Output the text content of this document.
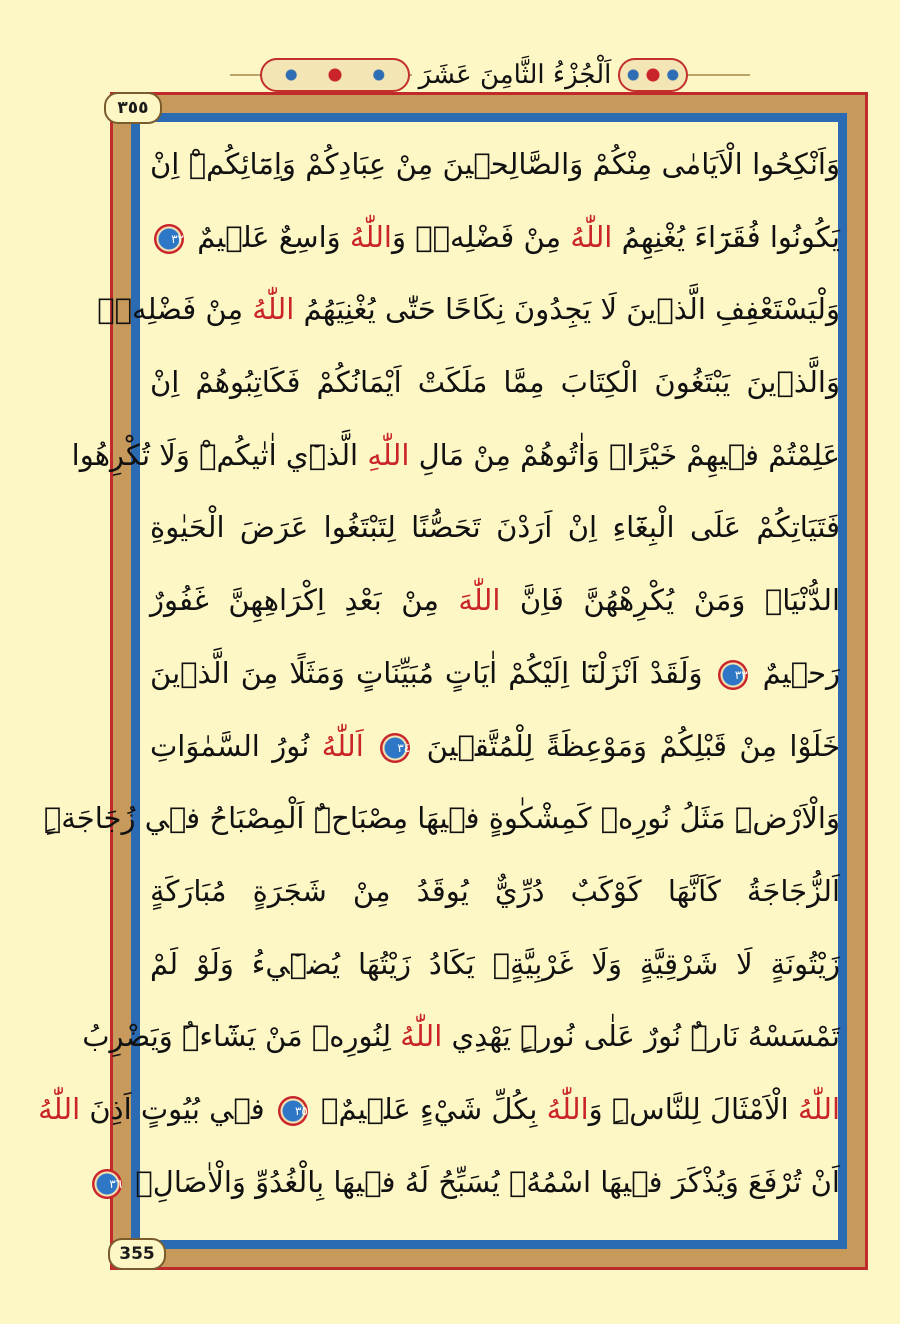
اَلْجُزْءُ الثَّامِنَ عَشَرَ
٣٥٥
355
وَاَنْكِحُوا الْاَيَامٰى مِنْكُمْ وَالصَّالِح۪ينَ مِنْ عِبَادِكُمْ وَاِمَٓائِكُمْۜ اِنْ
يَكُونُوا فُقَرَٓاءَ يُغْنِهِمُ اللّٰهُ مِنْ فَضْلِه۪ۜ وَاللّٰهُ وَاسِعٌ عَل۪يمٌ ٣٢
وَلْيَسْتَعْفِفِ الَّذ۪ينَ لَا يَجِدُونَ نِكَاحًا حَتّٰى يُغْنِيَهُمُ اللّٰهُ مِنْ فَضْلِه۪ۜ
وَالَّذ۪ينَ يَبْتَغُونَ الْكِتَابَ مِمَّا مَلَكَتْ اَيْمَانُكُمْ فَكَاتِبُوهُمْ اِنْ
عَلِمْتُمْ ف۪يهِمْ خَيْرًاۗ وَاٰتُوهُمْ مِنْ مَالِ اللّٰهِ الَّذ۪ٓي اٰتٰيكُمْۜ وَلَا تُكْرِهُوا
فَتَيَاتِكُمْ عَلَى الْبِغَٓاءِ اِنْ اَرَدْنَ تَحَصُّنًا لِتَبْتَغُوا عَرَضَ الْحَيٰوةِ
الدُّنْيَاۜ وَمَنْ يُكْرِهْهُنَّ فَاِنَّ اللّٰهَ مِنْ بَعْدِ اِكْرَاهِهِنَّ غَفُورٌ
رَح۪يمٌ ٣٣ وَلَقَدْ اَنْزَلْنَٓا اِلَيْكُمْ اٰيَاتٍ مُبَيِّنَاتٍ وَمَثَلًا مِنَ الَّذ۪ينَ
خَلَوْا مِنْ قَبْلِكُمْ وَمَوْعِظَةً لِلْمُتَّق۪ينَ ٣٤ اَللّٰهُ نُورُ السَّمٰوَاتِ
وَالْاَرْضِۜ مَثَلُ نُورِه۪ كَمِشْكٰوةٍ ف۪يهَا مِصْبَاحٌۜ اَلْمِصْبَاحُ ف۪ي زُجَاجَةٍۜ
اَلزُّجَاجَةُ كَاَنَّهَا كَوْكَبٌ دُرِّيٌّ يُوقَدُ مِنْ شَجَرَةٍ مُبَارَكَةٍ
زَيْتُونَةٍ لَا شَرْقِيَّةٍ وَلَا غَرْبِيَّةٍۙ يَكَادُ زَيْتُهَا يُض۪ٓيءُ وَلَوْ لَمْ
تَمْسَسْهُ نَارٌۜ نُورٌ عَلٰى نُورٍۜ يَهْدِي اللّٰهُ لِنُورِه۪ مَنْ يَشَٓاءُۜ وَيَضْرِبُ
اللّٰهُ الْاَمْثَالَ لِلنَّاسِۜ وَاللّٰهُ بِكُلِّ شَيْءٍ عَل۪يمٌۙ ٣٥ ف۪ي بُيُوتٍ اَذِنَ اللّٰهُ
اَنْ تُرْفَعَ وَيُذْكَرَ ف۪يهَا اسْمُهُۙ يُسَبِّحُ لَهُ ف۪يهَا بِالْغُدُوِّ وَالْاٰصَالِۙ ٣٦
